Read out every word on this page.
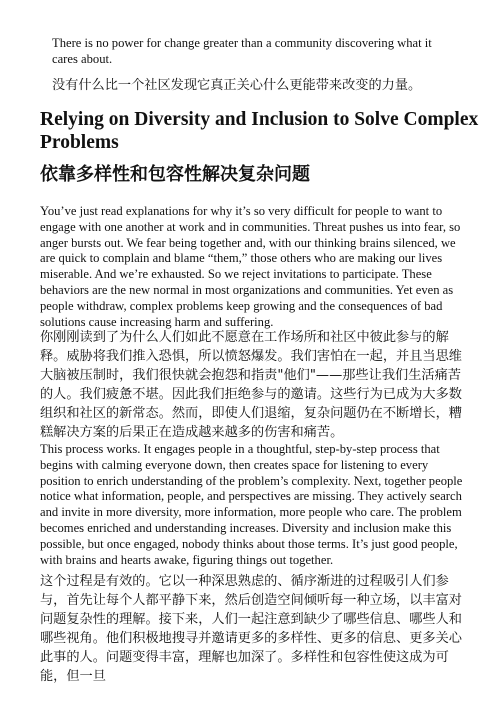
There is no power for change greater than a community discovering what it cares about.

没有什么比一个社区发现它真正关心什么更能带来改变的力量。

Relying on Diversity and Inclusion to Solve Complex Problems
依靠多样性和包容性解决复杂问题

You’ve just read explanations for why it’s so very difficult for people to want to engage with one another at work and in communities. Threat pushes us into fear, so anger bursts out. We fear being together and, with our thinking brains silenced, we are quick to complain and blame “them,” those others who are making our lives miserable. And we’re exhausted. So we reject invitations to participate. These behaviors are the new normal in most organizations and communities. Yet even as people withdraw, complex problems keep growing and the consequences of bad solutions cause increasing harm and suffering.

你刚刚读到了为什么人们如此不愿意在工作场所和社区中彼此参与的解释。威胁将我们推入恐惧，所以愤怒爆发。我们害怕在一起，并且当思维大脑被压制时，我们很快就会抱怨和指责"他们"——那些让我们生活痛苦的人。我们疲惫不堪。因此我们拒绝参与的邀请。这些行为已成为大多数组织和社区的新常态。然而，即使人们退缩，复杂问题仍在不断增长，糟糕解决方案的后果正在造成越来越多的伤害和痛苦。

This process works. It engages people in a thoughtful, step-by-step process that begins with calming everyone down, then creates space for listening to every position to enrich understanding of the problem’s complexity. Next, together people notice what information, people, and perspectives are missing. They actively search and invite in more diversity, more information, more people who care. The problem becomes enriched and understanding increases. Diversity and inclusion make this possible, but once engaged, nobody thinks about those terms. It’s just good people, with brains and hearts awake, figuring things out together.

这个过程是有效的。它以一种深思熟虑的、循序渐进的过程吸引人们参与，首先让每个人都平静下来，然后创造空间倾听每一种立场，以丰富对问题复杂性的理解。接下来，人们一起注意到缺少了哪些信息、哪些人和哪些视角。他们积极地搜寻并邀请更多的多样性、更多的信息、更多关心此事的人。问题变得丰富，理解也加深了。多样性和包容性使这成为可能，但一旦
